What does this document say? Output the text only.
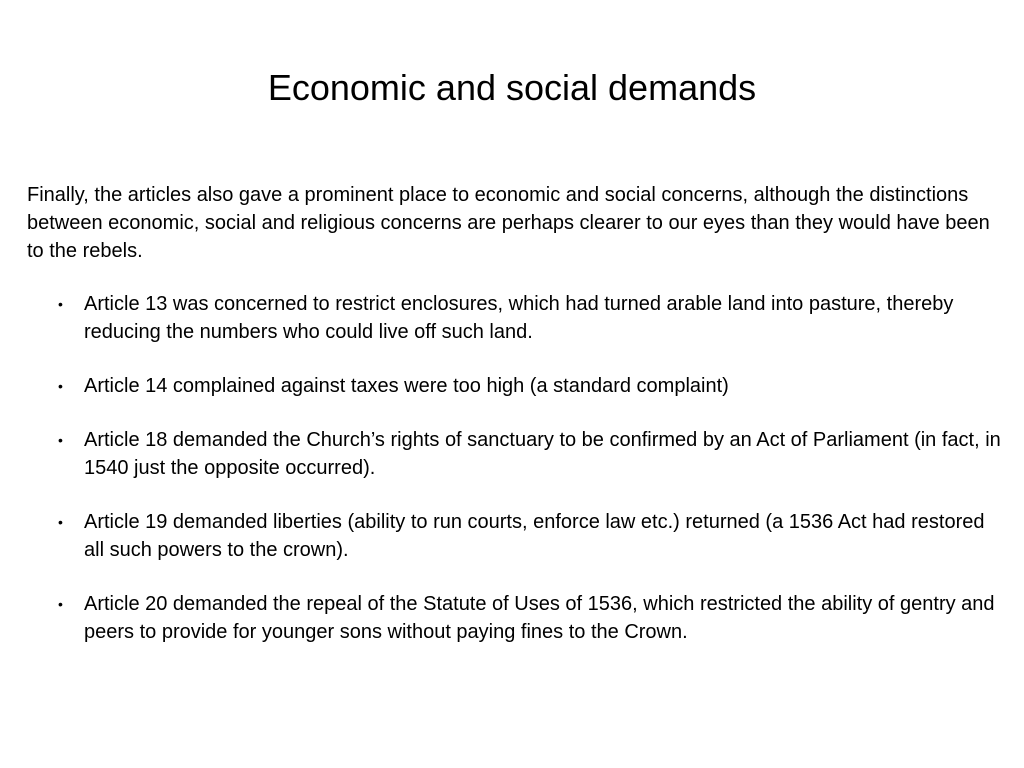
Economic and social demands

Finally, the articles also gave a prominent place to economic and social concerns, although the distinctions between economic, social and religious concerns are perhaps clearer to our eyes than they would have been to the rebels.

• Article 13 was concerned to restrict enclosures, which had turned arable land into pasture, thereby reducing the numbers who could live off such land.
• Article 14 complained against taxes were too high (a standard complaint)
• Article 18 demanded the Church’s rights of sanctuary to be confirmed by an Act of Parliament (in fact, in 1540 just the opposite occurred).
• Article 19 demanded liberties (ability to run courts, enforce law etc.) returned (a 1536 Act had restored all such powers to the crown).
• Article 20 demanded the repeal of the Statute of Uses of 1536, which restricted the ability of gentry and peers to provide for younger sons without paying fines to the Crown.
